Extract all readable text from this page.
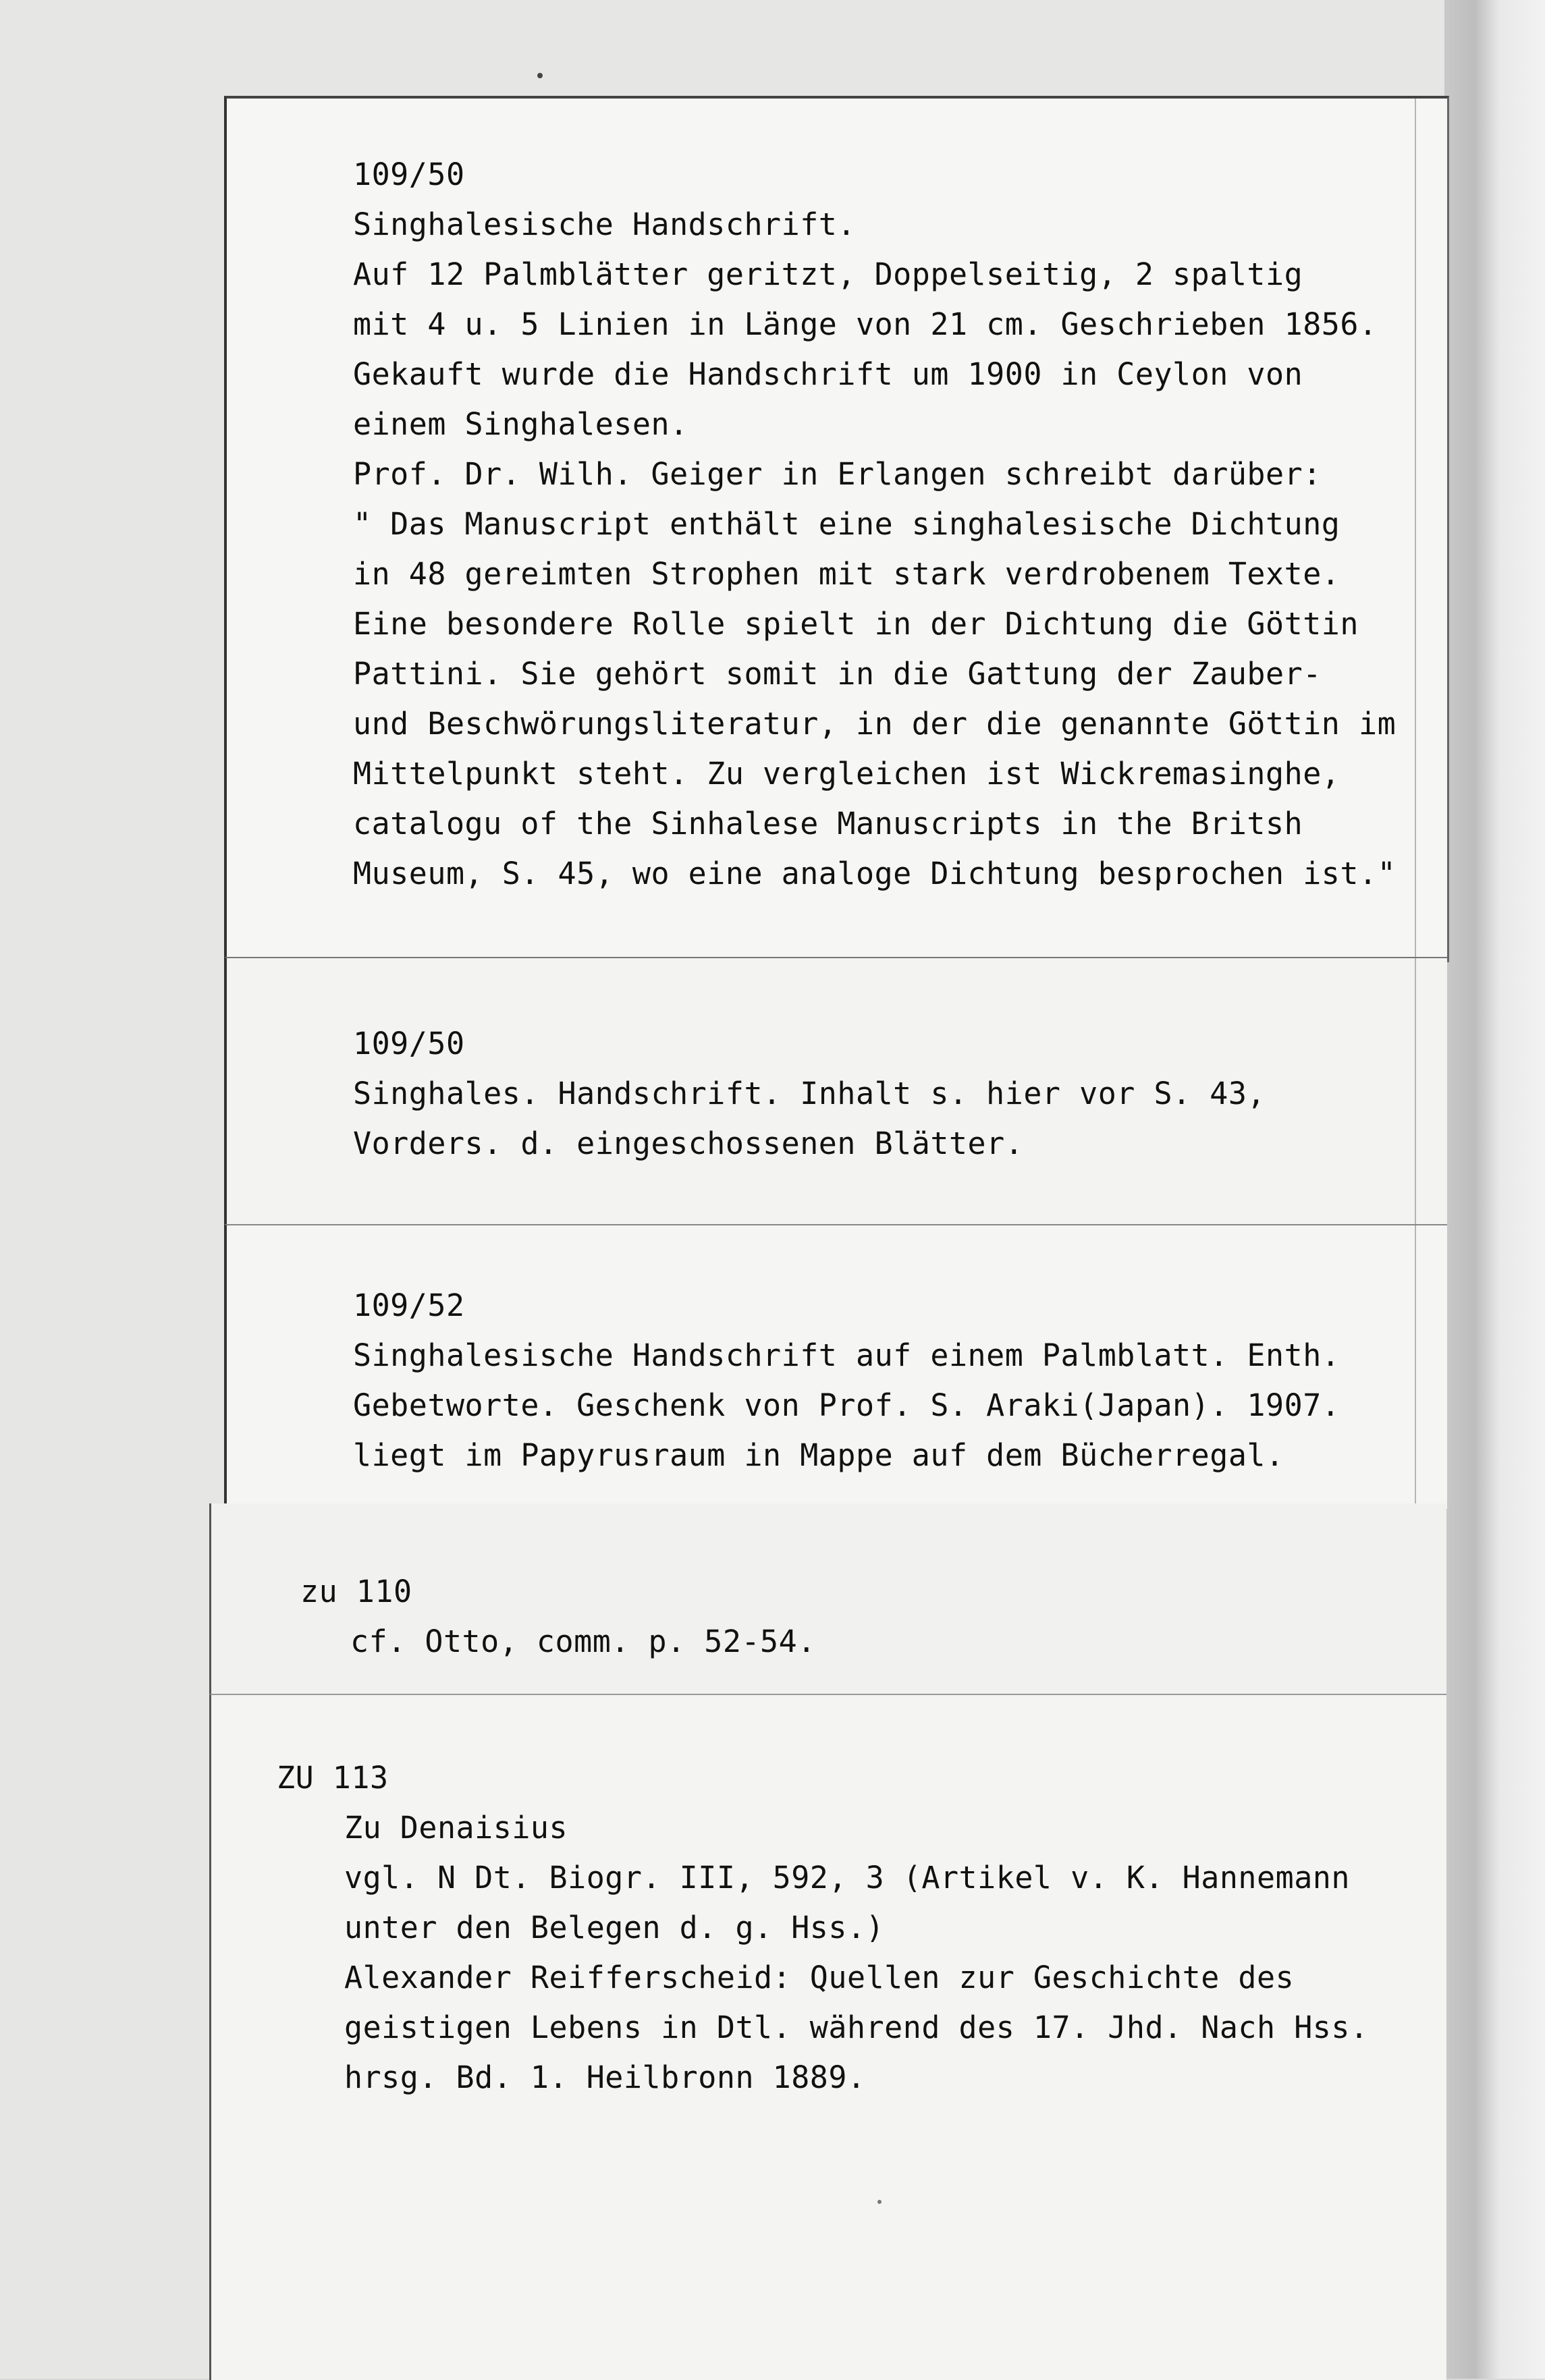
109/50
Singhalesische Handschrift.
Auf 12 Palmblätter geritzt, Doppelseitig, 2 spaltig
mit 4 u. 5 Linien in Länge von 21 cm. Geschrieben 1856.
Gekauft wurde die Handschrift um 1900 in Ceylon von
einem Singhalesen.
Prof. Dr. Wilh. Geiger in Erlangen schreibt darüber:
" Das Manuscript enthält eine singhalesische Dichtung
in 48 gereimten Strophen mit stark verdrobenem Texte.
Eine besondere Rolle spielt in der Dichtung die Göttin
Pattini. Sie gehört somit in die Gattung der Zauber-
und Beschwörungsliteratur, in der die genannte Göttin im
Mittelpunkt steht. Zu vergleichen ist Wickremasinghe,
catalogu of the Sinhalese Manuscripts in the Britsh
Museum, S. 45, wo eine analoge Dichtung besprochen ist."
109/50
Singhales. Handschrift. Inhalt s. hier vor S. 43,
Vorders. d. eingeschossenen Blätter.
109/52
Singhalesische Handschrift auf einem Palmblatt. Enth.
Gebetworte. Geschenk von Prof. S. Araki(Japan). 1907.
liegt im Papyrusraum in Mappe auf dem Bücherregal.
zu 110
cf. Otto, comm. p. 52-54.
ZU 113
Zu Denaisius
vgl. N Dt. Biogr. III, 592, 3 (Artikel v. K. Hannemann
unter den Belegen d. g. Hss.)
Alexander Reifferscheid: Quellen zur Geschichte des
geistigen Lebens in Dtl. während des 17. Jhd. Nach Hss.
hrsg. Bd. 1. Heilbronn 1889.
